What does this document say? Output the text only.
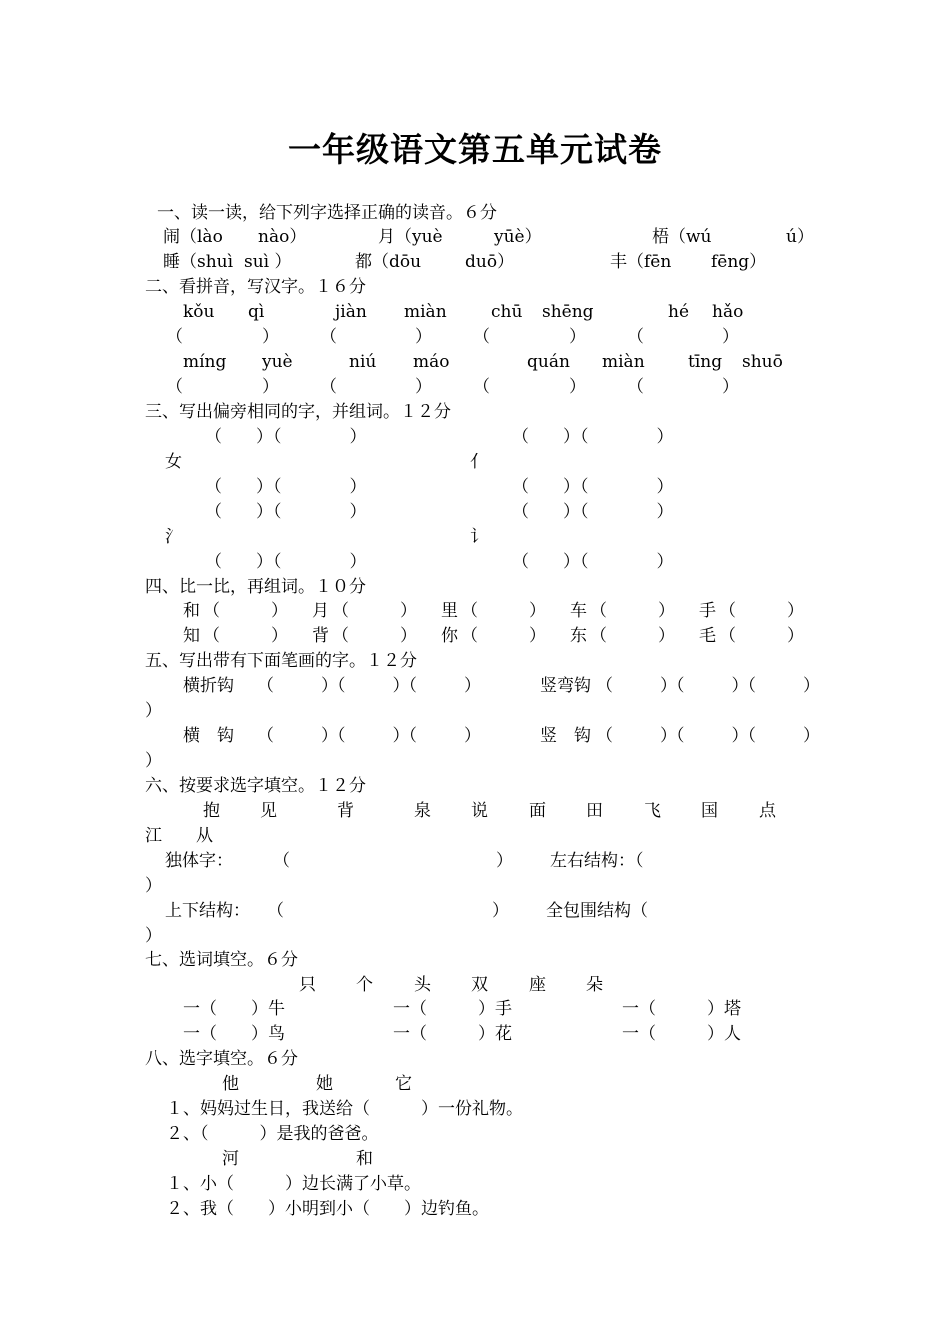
一年级语文第五单元试卷
一、读一读，给下列字选择正确的读音。６分
闹 （lào nào）	月 （yuè	yūè）	梧 （wú	ú）
睡 （shuì suì ）	都 （dōu	duō）	丰 （fēn fēng）
二、看拼音，写汉字。１６分
kǒu qì	jiàn miàn	chū shēng	hé hǎo
（	） （	） （	） （	）
míng yuè	niú máo	quán miàn	tīng shuō
（	） （	） （	） （	）
三、写出偏旁相同的字，并组词。１２分
（　　）（　　　　）	（　　）（　　　　）
女	亻
（　　）（　　　　）	（　　）（　　　　）
（　　）（　　　　）	（　　）（　　　　）
氵	讠
（　　）（　　　　）	（　　）（　　　　）
四、比一比，再组词。１０分
和 （　　　） 月 （　　　） 里 （　　　） 车 （　　　） 手 （　　　）
知 （　　　） 背 （　　　） 你 （　　　） 东 （　　　） 毛 （　　　）
五、写出带有下面笔画的字。１２分
横折钩 （　　　）（　　　）（　　　）	竖弯钩 （　　　）（　　　）（　　　）
）
横　钩 （　　　）（　　　）（　　　）	竖　钩 （　　　）（　　　）（　　　）
）
六、按要求选字填空。１２分
抱 见	背	泉 说 面 田 飞 国 点
江　　从
独体字： （	） 左右结构：（
）
上下结构： （	） 全包围结构（
）
七、选词填空。６分
只 个 头 双 座 朵
一（　　）牛	一（　　　）手	一（　　　）塔
一（　　）鸟	一（　　　）花	一（　　　）人
八、选字填空。６分
他	她	它
１、妈妈过生日，我送给（　　　）一份礼物。
２、（　　　）是我的爸爸。
河	和
１、小（　　　）边长满了小草。
２、我（　　）小明到小（　　）边钓鱼。
